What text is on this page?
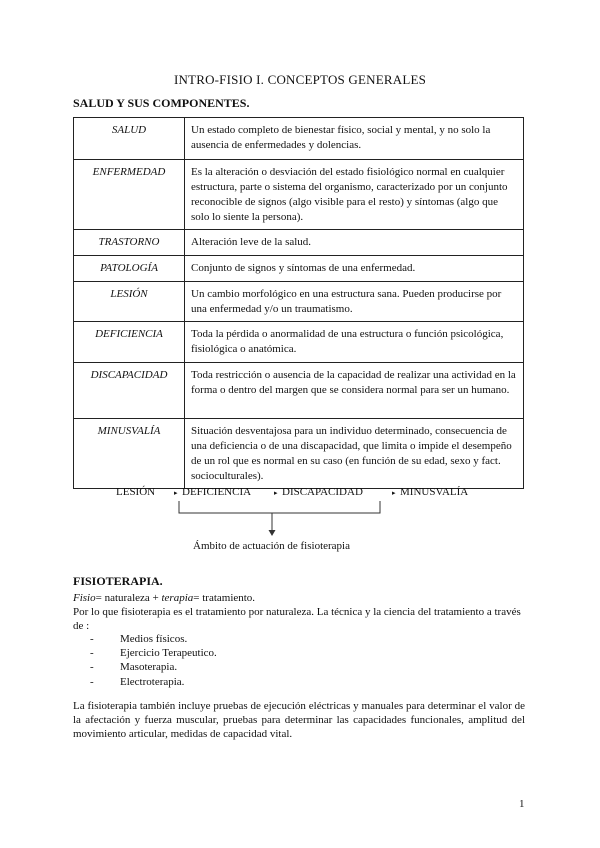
INTRO-FISIO I. CONCEPTOS GENERALES
SALUD Y SUS COMPONENTES.
SALUD	Un estado completo de bienestar físico, social y mental, y no solo la ausencia de enfermedades y dolencias.
ENFERMEDAD	Es la alteración o desviación del estado fisiológico normal en cualquier estructura, parte o sistema del organismo, caracterizado por un conjunto reconocible de signos (algo visible para el resto) y síntomas (algo que solo lo siente la persona).
TRASTORNO	Alteración leve de la salud.
PATOLOGÍA	Conjunto de signos y síntomas de una enfermedad.
LESIÓN	Un cambio morfológico en una estructura sana. Pueden producirse por una enfermedad y/o un traumatismo.
DEFICIENCIA	Toda la pérdida o anormalidad de una estructura o función psicológica, fisiológica o anatómica.
DISCAPACIDAD	Toda restricción o ausencia de la capacidad de realizar una actividad en la forma o dentro del margen que se considera normal para ser un humano.
MINUSVALÍA	Situación desventajosa para un individuo determinado, consecuencia de una deficiencia o de una discapacidad, que limita o impide el desempeño de un rol que es normal en su caso (en función de su edad, sexo y fact. socioculturales).
LESIÓN	▸ DEFICIENCIA	▸ DISCAPACIDAD	▸ MINUSVALÍA
Ámbito de actuación de fisioterapia
FISIOTERAPIA.
Fisio= naturaleza + terapia= tratamiento.
Por lo que fisioterapia es el tratamiento por naturaleza. La técnica y la ciencia del tratamiento a través de :
- Medios físicos.
- Ejercicio Terapeutico.
- Masoterapia.
- Electroterapia.
La fisioterapia también incluye pruebas de ejecución eléctricas y manuales para determinar el valor de la afectación y fuerza muscular, pruebas para determinar las capacidades funcionales, amplitud del movimiento articular, medidas de capacidad vital.
1
